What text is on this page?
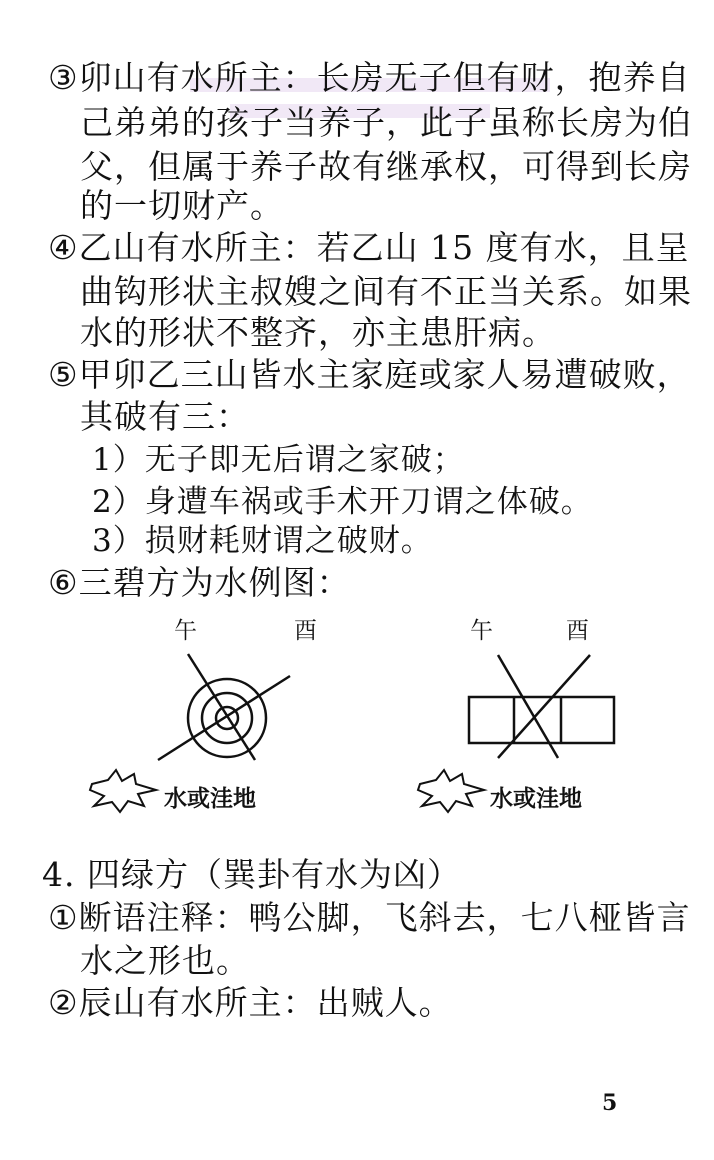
③卯山有水所主：长房无子但有财，抱养自
己弟弟的孩子当养子，此子虽称长房为伯
父，但属于养子故有继承权，可得到长房
的一切财产。
④乙山有水所主：若乙山 15 度有水，且呈
曲钩形状主叔嫂之间有不正当关系。如果
水的形状不整齐，亦主患肝病。
⑤甲卯乙三山皆水主家庭或家人易遭破败，
其破有三：
1）无子即无后谓之家破；
2）身遭车祸或手术开刀谓之体破。
3）损财耗财谓之破财。
⑥三碧方为水例图：
午	酉
水或洼地
午	酉
水或洼地
4. 四绿方（巽卦有水为凶）
①断语注释：鸭公脚，飞斜去，七八桠皆言
水之形也。
②辰山有水所主：出贼人。
5
